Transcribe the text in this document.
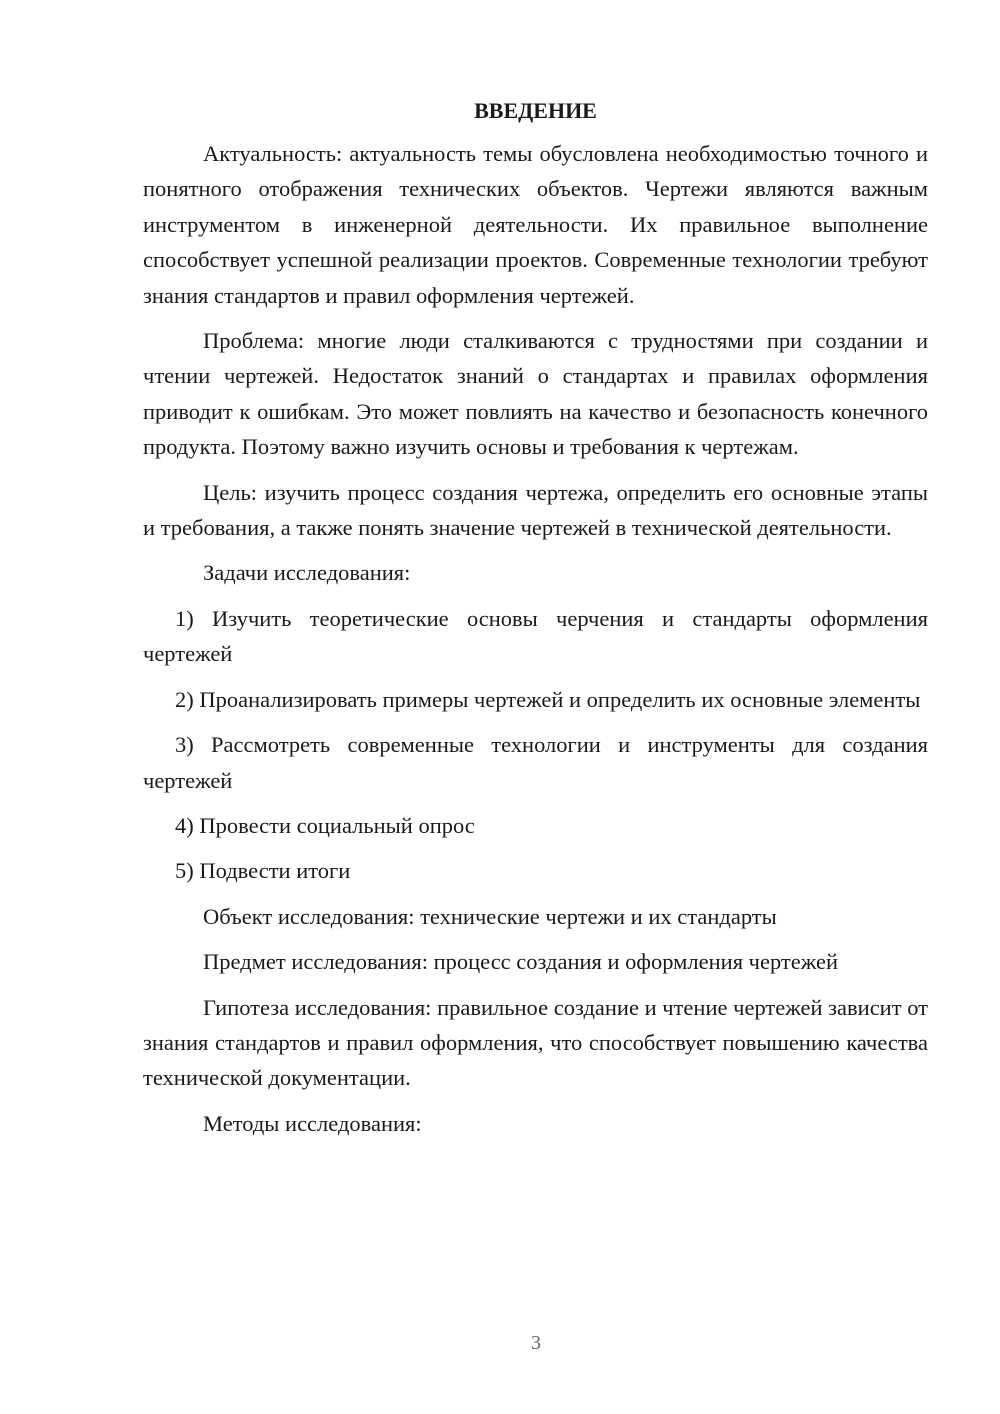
ВВЕДЕНИЕ

Актуальность: актуальность темы обусловлена необходимостью точного и понятного отображения технических объектов. Чертежи являются важным инструментом в инженерной деятельности. Их правильное выполнение способствует успешной реализации проектов. Современные технологии требуют знания стандартов и правил оформления чертежей.

Проблема: многие люди сталкиваются с трудностями при создании и чтении чертежей. Недостаток знаний о стандартах и правилах оформления приводит к ошибкам. Это может повлиять на качество и безопасность конечного продукта. Поэтому важно изучить основы и требования к чертежам.

Цель: изучить процесс создания чертежа, определить его основные этапы и требования, а также понять значение чертежей в технической деятельности.

Задачи исследования:

1) Изучить теоретические основы черчения и стандарты оформления чертежей

2) Проанализировать примеры чертежей и определить их основные элементы

3) Рассмотреть современные технологии и инструменты для создания чертежей

4) Провести социальный опрос

5) Подвести итоги

Объект исследования: технические чертежи и их стандарты

Предмет исследования: процесс создания и оформления чертежей

Гипотеза исследования: правильное создание и чтение чертежей зависит от знания стандартов и правил оформления, что способствует повышению качества технической документации.

Методы исследования:

3
